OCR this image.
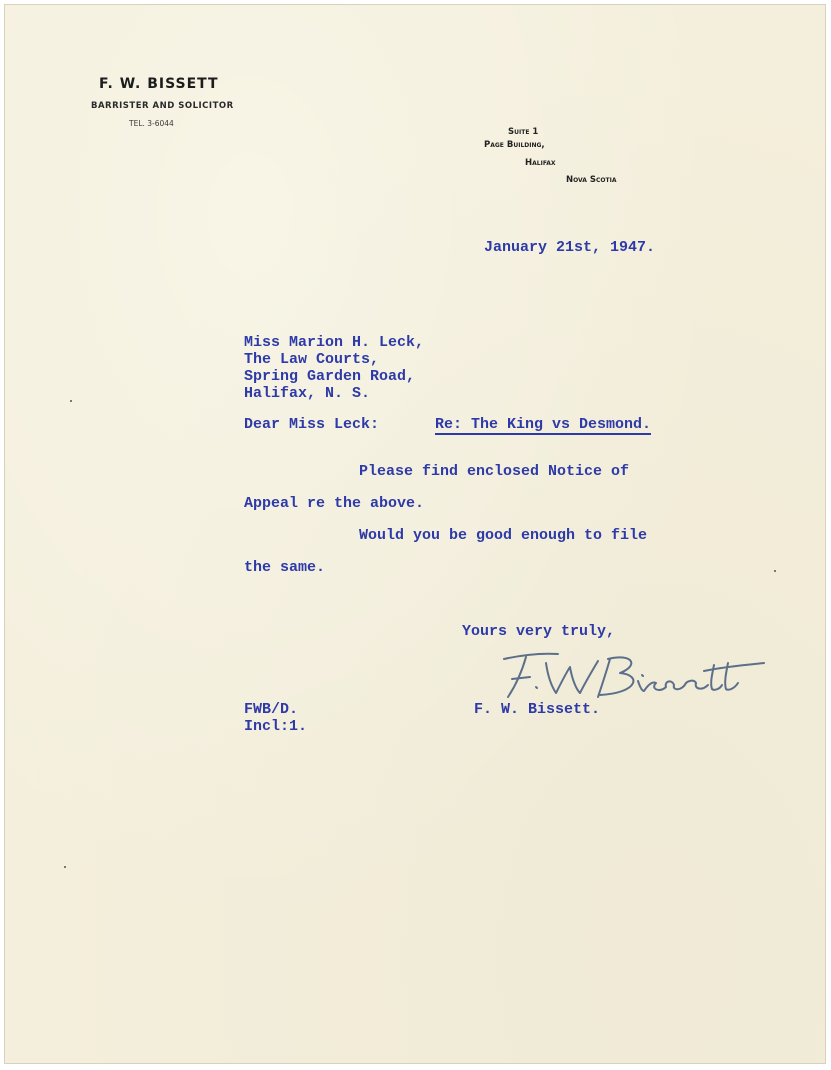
F. W. BISSETT
BARRISTER AND SOLICITOR
TEL. 3-6044
Suite 1
Page Building,
Halifax
Nova Scotia
January 21st, 1947.
Miss Marion H. Leck,
The Law Courts,
Spring Garden Road,
Halifax, N. S.
Dear Miss Leck:	Re: The King vs Desmond.
Please find enclosed Notice of
Appeal re the above.
Would you be good enough to file
the same.
Yours very truly,
FWB/D.
Incl:1.
F. W. Bissett.
